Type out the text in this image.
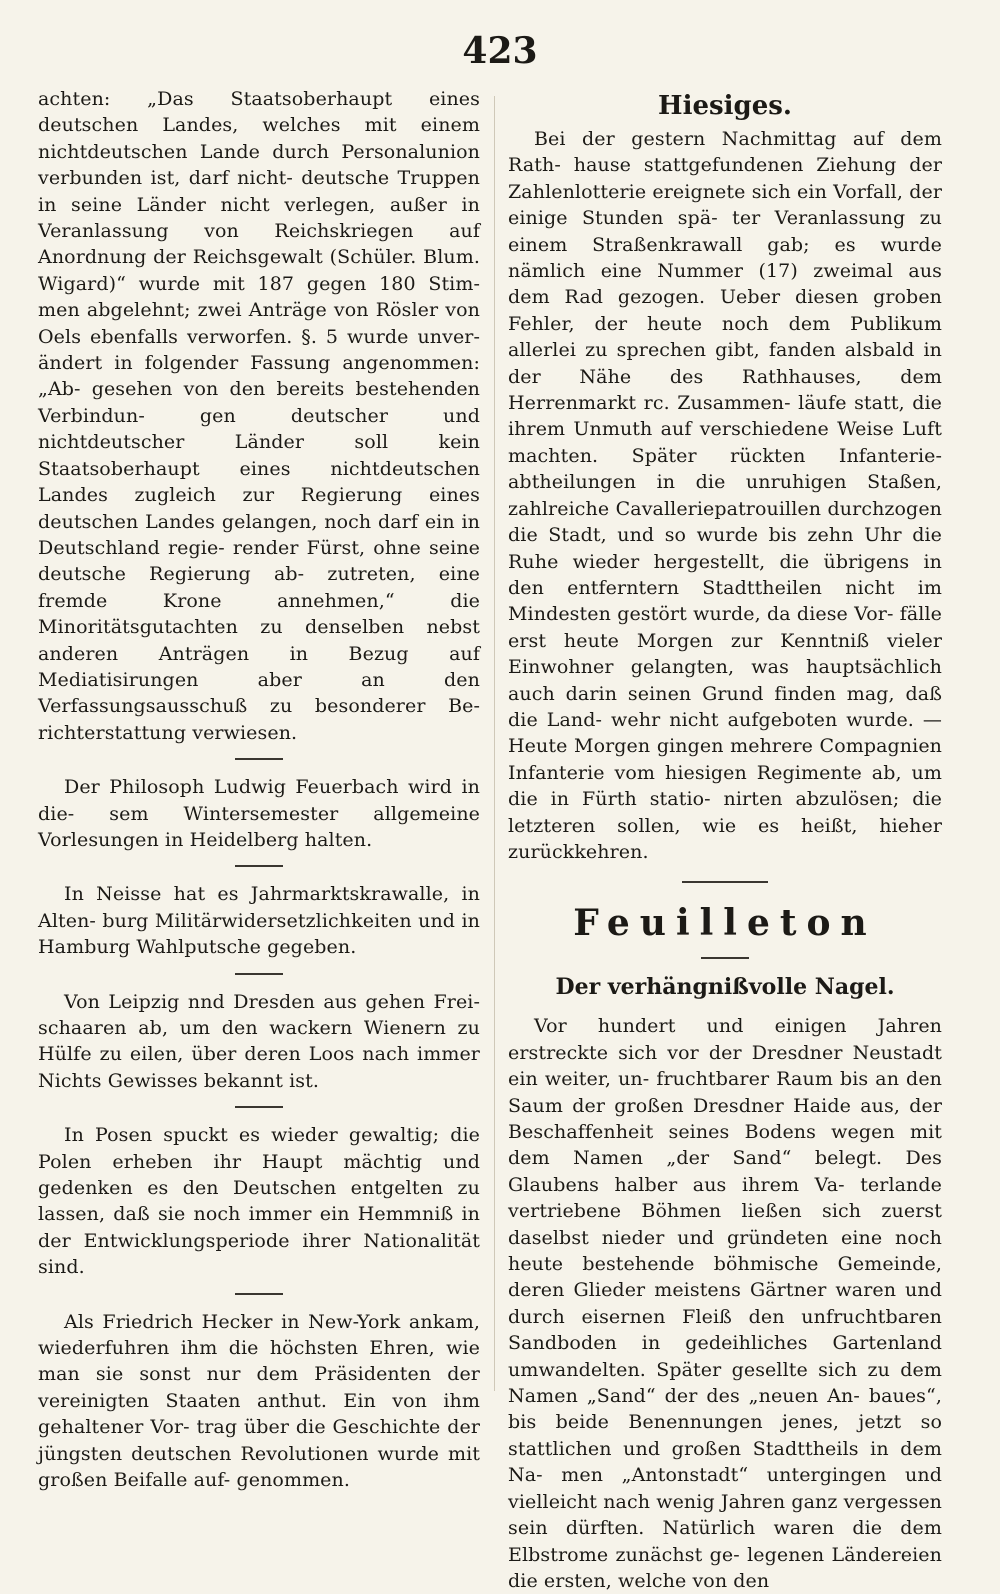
423

achten: „Das Staatsoberhaupt eines deutschen Landes, welches mit einem nichtdeutschen Lande durch Personalunion verbunden ist, darf nicht- deutsche Truppen in seine Länder nicht verlegen, außer in Veranlassung von Reichskriegen auf Anordnung der Reichsgewalt (Schüler. Blum. Wigard)“ wurde mit 187 gegen 180 Stim- men abgelehnt; zwei Anträge von Rösler von Oels ebenfalls verworfen. §. 5 wurde unver- ändert in folgender Fassung angenommen: „Ab- gesehen von den bereits bestehenden Verbindun-	gen deutscher und nichtdeutscher Länder soll kein Staatsoberhaupt eines nichtdeutschen Landes zugleich zur Regierung eines deutschen Landes gelangen, noch darf ein in Deutschland regie- render Fürst, ohne seine deutsche Regierung ab- zutreten, eine fremde Krone annehmen,“ die Minoritätsgutachten zu denselben nebst anderen Anträgen in Bezug auf Mediatisirungen aber	an den Verfassungsausschuß zu besonderer Be- richterstattung verwiesen.

Der Philosoph Ludwig Feuerbach wird in die- sem Wintersemester allgemeine Vorlesungen in Heidelberg halten.

In Neisse hat es Jahrmarktskrawalle, in Alten- burg Militärwidersetzlichkeiten und in Hamburg Wahlputsche gegeben.

Von Leipzig nnd Dresden aus gehen Frei- schaaren ab, um den wackern Wienern zu Hülfe zu eilen, über deren Loos nach immer Nichts Gewisses bekannt ist.

In Posen spuckt es wieder gewaltig; die Polen erheben ihr Haupt mächtig und gedenken es den Deutschen entgelten zu lassen, daß sie noch immer ein Hemmniß in der Entwicklungsperiode ihrer Nationalität sind.

Als Friedrich Hecker in New-York ankam, wiederfuhren ihm die höchsten Ehren, wie man sie sonst nur dem Präsidenten der vereinigten Staaten anthut. Ein von ihm gehaltener Vor- trag über die Geschichte der jüngsten deutschen Revolutionen wurde mit großen Beifalle auf- genommen.

Hiesiges.

Bei der gestern Nachmittag auf dem Rath- hause stattgefundenen Ziehung der Zahlenlotterie ereignete sich ein Vorfall, der einige Stunden spä- ter Veranlassung zu einem Straßenkrawall gab; es wurde nämlich eine Nummer (17) zweimal aus dem Rad gezogen. Ueber diesen groben Fehler, der heute noch dem Publikum allerlei zu sprechen gibt, fanden alsbald in der Nähe des Rathhauses, dem Herrenmarkt rc. Zusammen- läufe statt, die ihrem Unmuth auf verschiedene Weise Luft machten. Später rückten Infanterie- abtheilungen in die unruhigen Staßen, zahlreiche Cavalleriepatrouillen durchzogen die Stadt, und so wurde bis zehn Uhr die Ruhe wieder hergestellt, die übrigens in den entferntern Stadttheilen nicht im Mindesten gestört wurde, da diese Vor- fälle erst heute Morgen zur Kenntniß vieler Einwohner gelangten, was hauptsächlich auch darin seinen Grund finden mag, daß die Land- wehr nicht aufgeboten wurde. — Heute Morgen gingen mehrere Compagnien Infanterie vom hiesigen Regimente ab, um die in Fürth statio- nirten abzulösen; die letzteren sollen, wie es heißt, hieher zurückkehren.

Feuilleton
Der verhängnißvolle Nagel.

Vor hundert und einigen Jahren erstreckte sich vor der Dresdner Neustadt ein weiter, un- fruchtbarer Raum bis an den Saum der großen Dresdner Haide aus, der Beschaffenheit seines Bodens wegen mit dem Namen „der Sand“ belegt. Des Glaubens halber aus ihrem Va- terlande vertriebene Böhmen ließen sich zuerst daselbst nieder und gründeten eine noch heute bestehende böhmische Gemeinde, deren Glieder meistens Gärtner waren und durch eisernen Fleiß den unfruchtbaren Sandboden in gedeihliches Gartenland umwandelten. Später gesellte sich zu dem Namen „Sand“ der des „neuen An- baues“, bis beide Benennungen jenes, jetzt so stattlichen und großen Stadttheils in dem Na- men „Antonstadt“ untergingen und vielleicht nach wenig Jahren ganz vergessen sein dürften. Natürlich waren die dem Elbstrome zunächst ge- legenen Ländereien die ersten, welche von den
